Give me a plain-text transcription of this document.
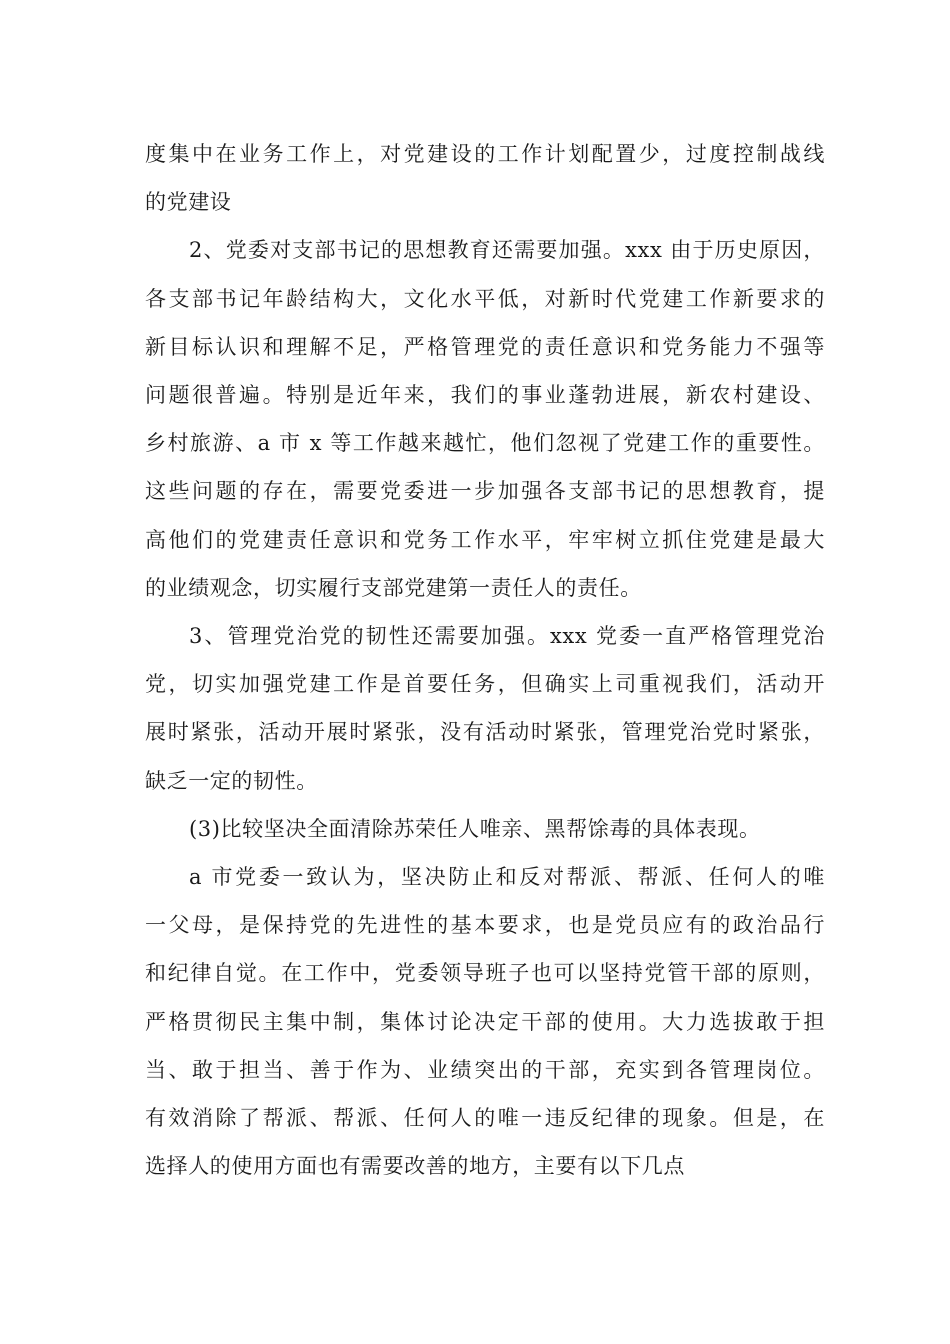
度集中在业务工作上，对党建设的工作计划配置少，过度控制战线
的党建设

2、党委对支部书记的思想教育还需要加强。xxx 由于历史原因，
各支部书记年龄结构大，文化水平低，对新时代党建工作新要求的
新目标认识和理解不足，严格管理党的责任意识和党务能力不强等
问题很普遍。特别是近年来，我们的事业蓬勃进展，新农村建设、
乡村旅游、a 市 x 等工作越来越忙，他们忽视了党建工作的重要性。
这些问题的存在，需要党委进一步加强各支部书记的思想教育，提
高他们的党建责任意识和党务工作水平，牢牢树立抓住党建是最大
的业绩观念，切实履行支部党建第一责任人的责任。

3、管理党治党的韧性还需要加强。xxx 党委一直严格管理党治
党，切实加强党建工作是首要任务，但确实上司重视我们，活动开
展时紧张，活动开展时紧张，没有活动时紧张，管理党治党时紧张，
缺乏一定的韧性。

(3)比较坚决全面清除苏荣任人唯亲、黑帮馀毒的具体表现。

a 市党委一致认为，坚决防止和反对帮派、帮派、任何人的唯
一父母，是保持党的先进性的基本要求，也是党员应有的政治品行
和纪律自觉。在工作中，党委领导班子也可以坚持党管干部的原则，
严格贯彻民主集中制，集体讨论决定干部的使用。大力选拔敢于担
当、敢于担当、善于作为、业绩突出的干部，充实到各管理岗位。
有效消除了帮派、帮派、任何人的唯一违反纪律的现象。但是，在
选择人的使用方面也有需要改善的地方，主要有以下几点
